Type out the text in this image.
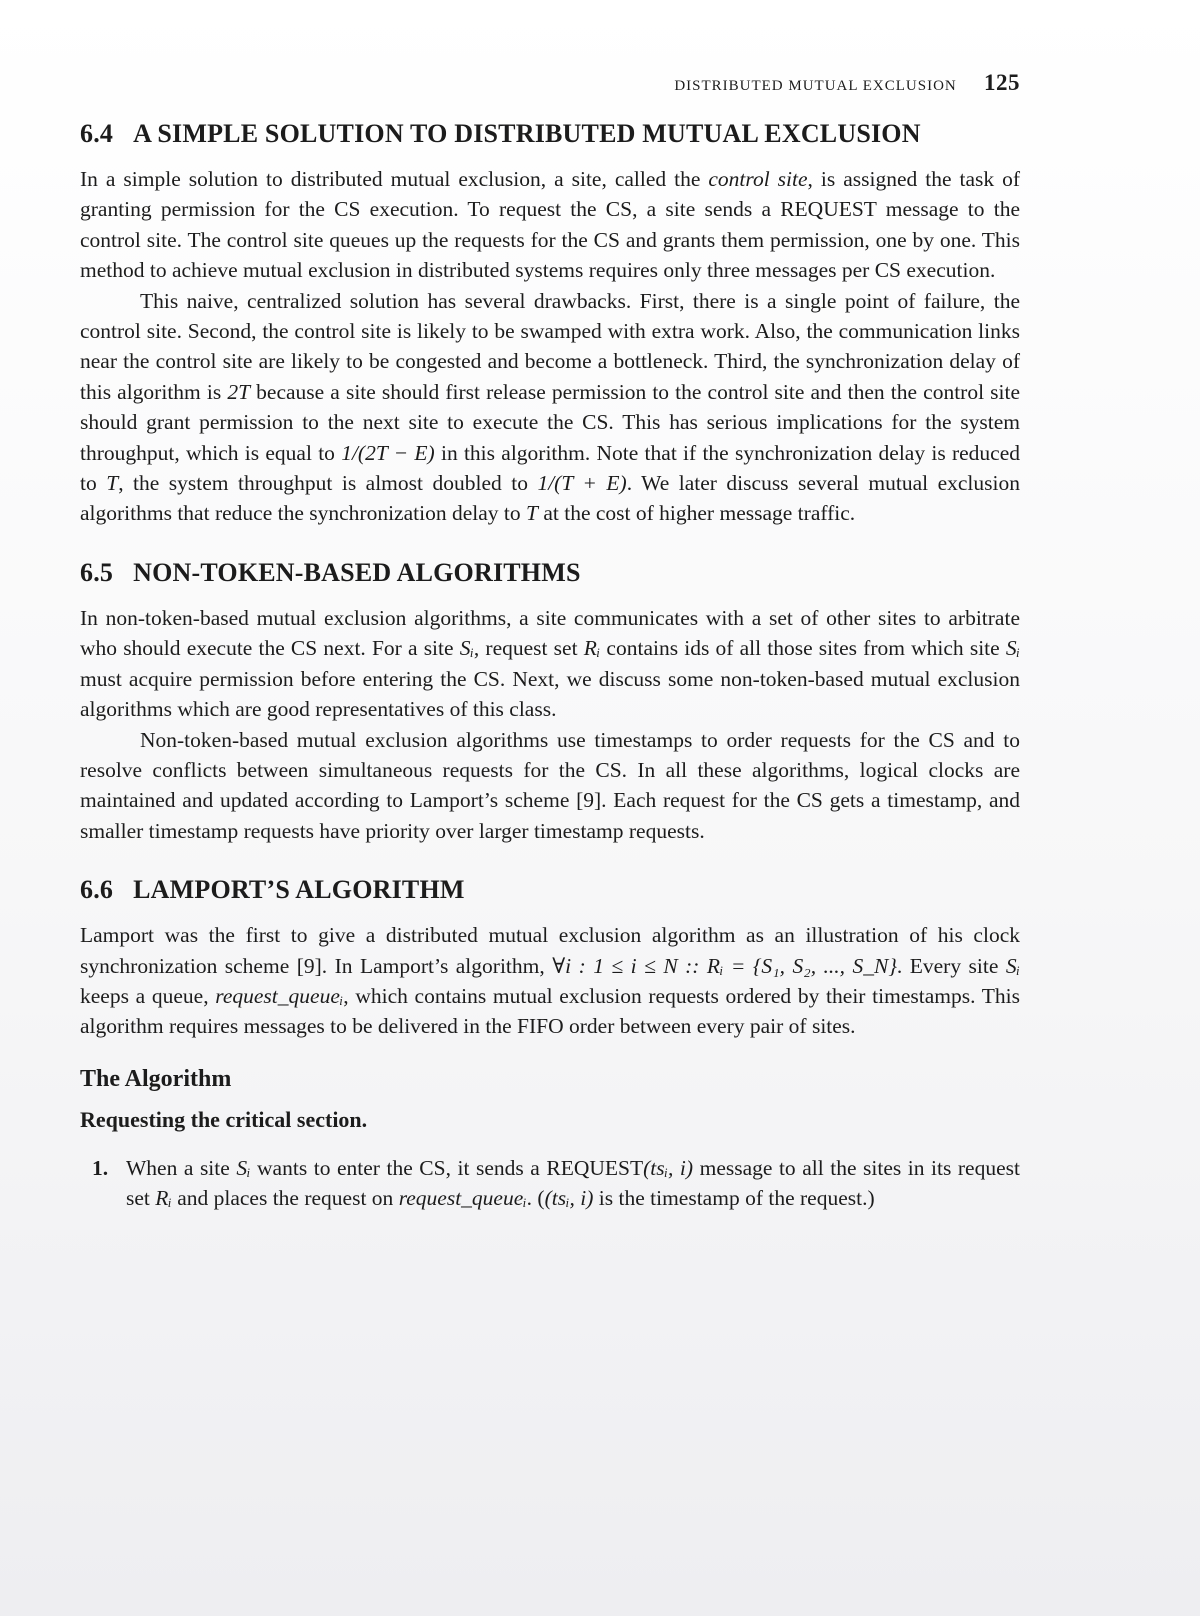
DISTRIBUTED MUTUAL EXCLUSION 125
6.4 A SIMPLE SOLUTION TO DISTRIBUTED MUTUAL EXCLUSION

In a simple solution to distributed mutual exclusion, a site, called the control site, is assigned the task of granting permission for the CS execution. To request the CS, a site sends a REQUEST message to the control site. The control site queues up the requests for the CS and grants them permission, one by one. This method to achieve mutual exclusion in distributed systems requires only three messages per CS execution.

This naive, centralized solution has several drawbacks. First, there is a single point of failure, the control site. Second, the control site is likely to be swamped with extra work. Also, the communication links near the control site are likely to be congested and become a bottleneck. Third, the synchronization delay of this algorithm is 2T because a site should first release permission to the control site and then the control site should grant permission to the next site to execute the CS. This has serious implications for the system throughput, which is equal to 1/(2T − E) in this algorithm. Note that if the synchronization delay is reduced to T, the system throughput is almost doubled to 1/(T + E). We later discuss several mutual exclusion algorithms that reduce the synchronization delay to T at the cost of higher message traffic.

6.5 NON-TOKEN-BASED ALGORITHMS

In non-token-based mutual exclusion algorithms, a site communicates with a set of other sites to arbitrate who should execute the CS next. For a site Sᵢ, request set Rᵢ contains ids of all those sites from which site Sᵢ must acquire permission before entering the CS. Next, we discuss some non-token-based mutual exclusion algorithms which are good representatives of this class.

Non-token-based mutual exclusion algorithms use timestamps to order requests for the CS and to resolve conflicts between simultaneous requests for the CS. In all these algorithms, logical clocks are maintained and updated according to Lamport’s scheme [9]. Each request for the CS gets a timestamp, and smaller timestamp requests have priority over larger timestamp requests.

6.6 LAMPORT’S ALGORITHM

Lamport was the first to give a distributed mutual exclusion algorithm as an illustration of his clock synchronization scheme [9]. In Lamport’s algorithm, ∀i : 1 ≤ i ≤ N :: Rᵢ = {S₁, S₂, ..., S_N}. Every site Sᵢ keeps a queue, request_queueᵢ, which contains mutual exclusion requests ordered by their timestamps. This algorithm requires messages to be delivered in the FIFO order between every pair of sites.

The Algorithm
Requesting the critical section.
1. When a site Sᵢ wants to enter the CS, it sends a REQUEST(tsᵢ, i) message to all the sites in its request set Rᵢ and places the request on request_queueᵢ. ((tsᵢ, i) is the timestamp of the request.)
